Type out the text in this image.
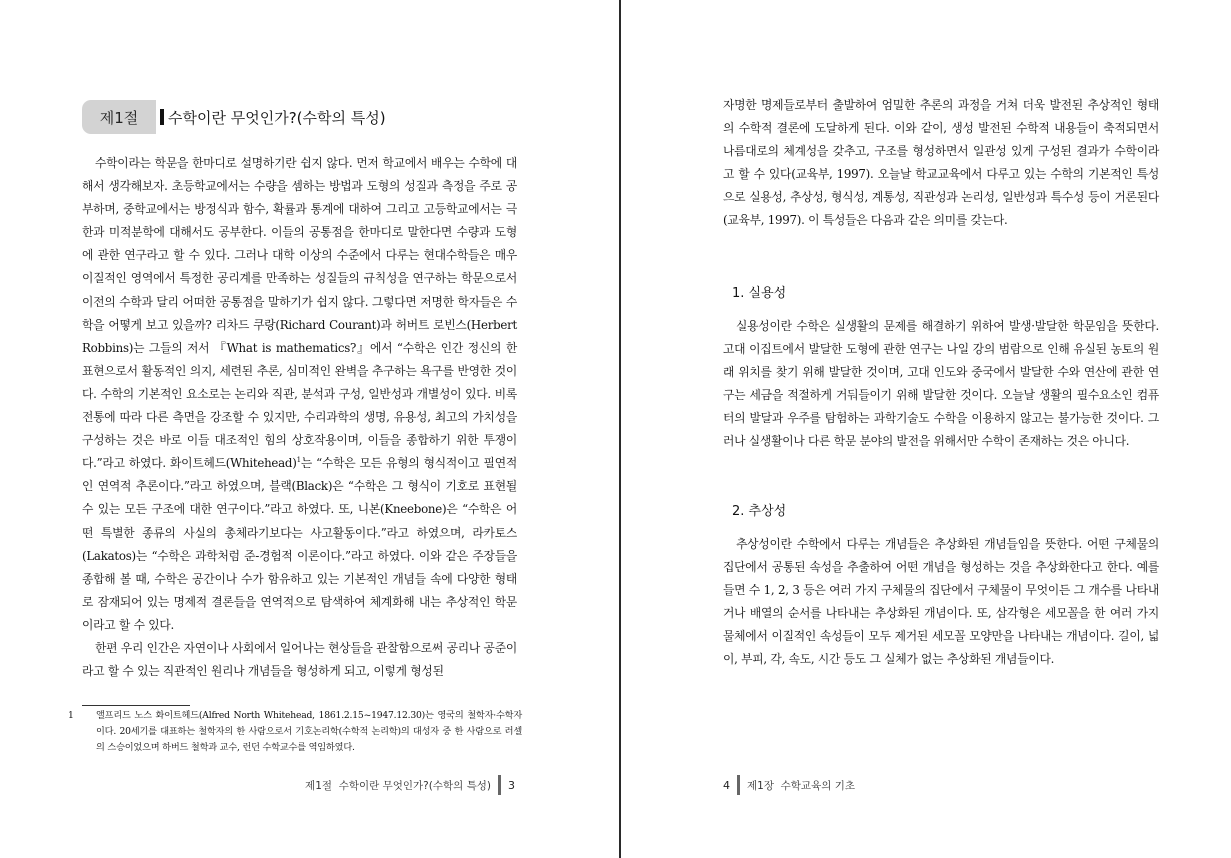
제1절	수학이란 무엇인가?(수학의 특성)

수학이라는 학문을 한마디로 설명하기란 쉽지 않다. 먼저 학교에서 배우는 수학에 대해서 생각해보자. 초등학교에서는 수량을 셈하는 방법과 도형의 성질과 측정을 주로 공부하며, 중학교에서는 방정식과 함수, 확률과 통계에 대하여 그리고 고등학교에서는 극한과 미적분학에 대해서도 공부한다. 이들의 공통점을 한마디로 말한다면 수량과 도형에 관한 연구라고 할 수 있다. 그러나 대학 이상의 수준에서 다루는 현대수학들은 매우 이질적인 영역에서 특정한 공리계를 만족하는 성질들의 규칙성을 연구하는 학문으로서 이전의 수학과 달리 어떠한 공통점을 말하기가 쉽지 않다. 그렇다면 저명한 학자들은 수학을 어떻게 보고 있을까? 리차드 쿠랑(Richard Courant)과 허버트 로빈스(Herbert Robbins)는 그들의 저서 『What is mathematics?』에서 “수학은 인간 정신의 한 표현으로서 활동적인 의지, 세련된 추론, 심미적인 완벽을 추구하는 욕구를 반영한 것이다. 수학의 기본적인 요소로는 논리와 직관, 분석과 구성, 일반성과 개별성이 있다. 비록 전통에 따라 다른 측면을 강조할 수 있지만, 수리과학의 생명, 유용성, 최고의 가치성을 구성하는 것은 바로 이들 대조적인 힘의 상호작용이며, 이들을 종합하기 위한 투쟁이다.”라고 하였다. 화이트헤드(Whitehead)$^1$는 “수학은 모든 유형의 형식적이고 필연적인 연역적 추론이다.”라고 하였으며, 블랙(Black)은 “수학은 그 형식이 기호로 표현될 수 있는 모든 구조에 대한 연구이다.”라고 하였다. 또, 니본(Kneebone)은 “수학은 어떤 특별한 종류의 사실의 총체라기보다는 사고활동이다.”라고 하였으며, 라카토스(Lakatos)는 “수학은 과학처럼 준-경험적 이론이다.”라고 하였다. 이와 같은 주장들을 종합해 볼 때, 수학은 공간이나 수가 함유하고 있는 기본적인 개념들 속에 다양한 형태로 잠재되어 있는 명제적 결론들을 연역적으로 탐색하여 체계화해 내는 추상적인 학문이라고 할 수 있다.

한편 우리 인간은 자연이나 사회에서 일어나는 현상들을 관찰함으로써 공리나 공준이라고 할 수 있는 직관적인 원리나 개념들을 형성하게 되고, 이렇게 형성된

1 앨프리드 노스 화이트헤드(Alfred North Whitehead, 1861.2.15~1947.12.30)는 영국의 철학자·수학자이다. 20세기를 대표하는 철학자의 한 사람으로서 기호논리학(수학적 논리학)의 대성자 중 한 사람으로 러셀의 스승이었으며 하버드 철학과 교수, 런던 수학교수를 역임하였다.
제1절  수학이란 무엇인가?(수학의 특성) 3

자명한 명제들로부터 출발하여 엄밀한 추론의 과정을 거쳐 더욱 발전된 추상적인 형태의 수학적 결론에 도달하게 된다. 이와 같이, 생성 발전된 수학적 내용들이 축적되면서 나름대로의 체계성을 갖추고, 구조를 형성하면서 일관성 있게 구성된 결과가 수학이라고 할 수 있다(교육부, 1997). 오늘날 학교교육에서 다루고 있는 수학의 기본적인 특성으로 실용성, 추상성, 형식성, 계통성, 직관성과 논리성, 일반성과 특수성 등이 거론된다(교육부, 1997). 이 특성들은 다음과 같은 의미를 갖는다.

1. 실용성

실용성이란 수학은 실생활의 문제를 해결하기 위하여 발생·발달한 학문임을 뜻한다. 고대 이집트에서 발달한 도형에 관한 연구는 나일 강의 범람으로 인해 유실된 농토의 원래 위치를 찾기 위해 발달한 것이며, 고대 인도와 중국에서 발달한 수와 연산에 관한 연구는 세금을 적절하게 거둬들이기 위해 발달한 것이다. 오늘날 생활의 필수요소인 컴퓨터의 발달과 우주를 탐험하는 과학기술도 수학을 이용하지 않고는 불가능한 것이다. 그러나 실생활이나 다른 학문 분야의 발전을 위해서만 수학이 존재하는 것은 아니다.

2. 추상성

추상성이란 수학에서 다루는 개념들은 추상화된 개념들임을 뜻한다. 어떤 구체물의 집단에서 공통된 속성을 추출하여 어떤 개념을 형성하는 것을 추상화한다고 한다. 예를 들면 수 1, 2, 3 등은 여러 가지 구체물의 집단에서 구체물이 무엇이든 그 개수를 나타내거나 배열의 순서를 나타내는 추상화된 개념이다. 또, 삼각형은 세모꼴을 한 여러 가지 물체에서 이질적인 속성들이 모두 제거된 세모꼴 모양만을 나타내는 개념이다. 길이, 넓이, 부피, 각, 속도, 시간 등도 그 실체가 없는 추상화된 개념들이다.

4 제1장  수학교육의 기초
